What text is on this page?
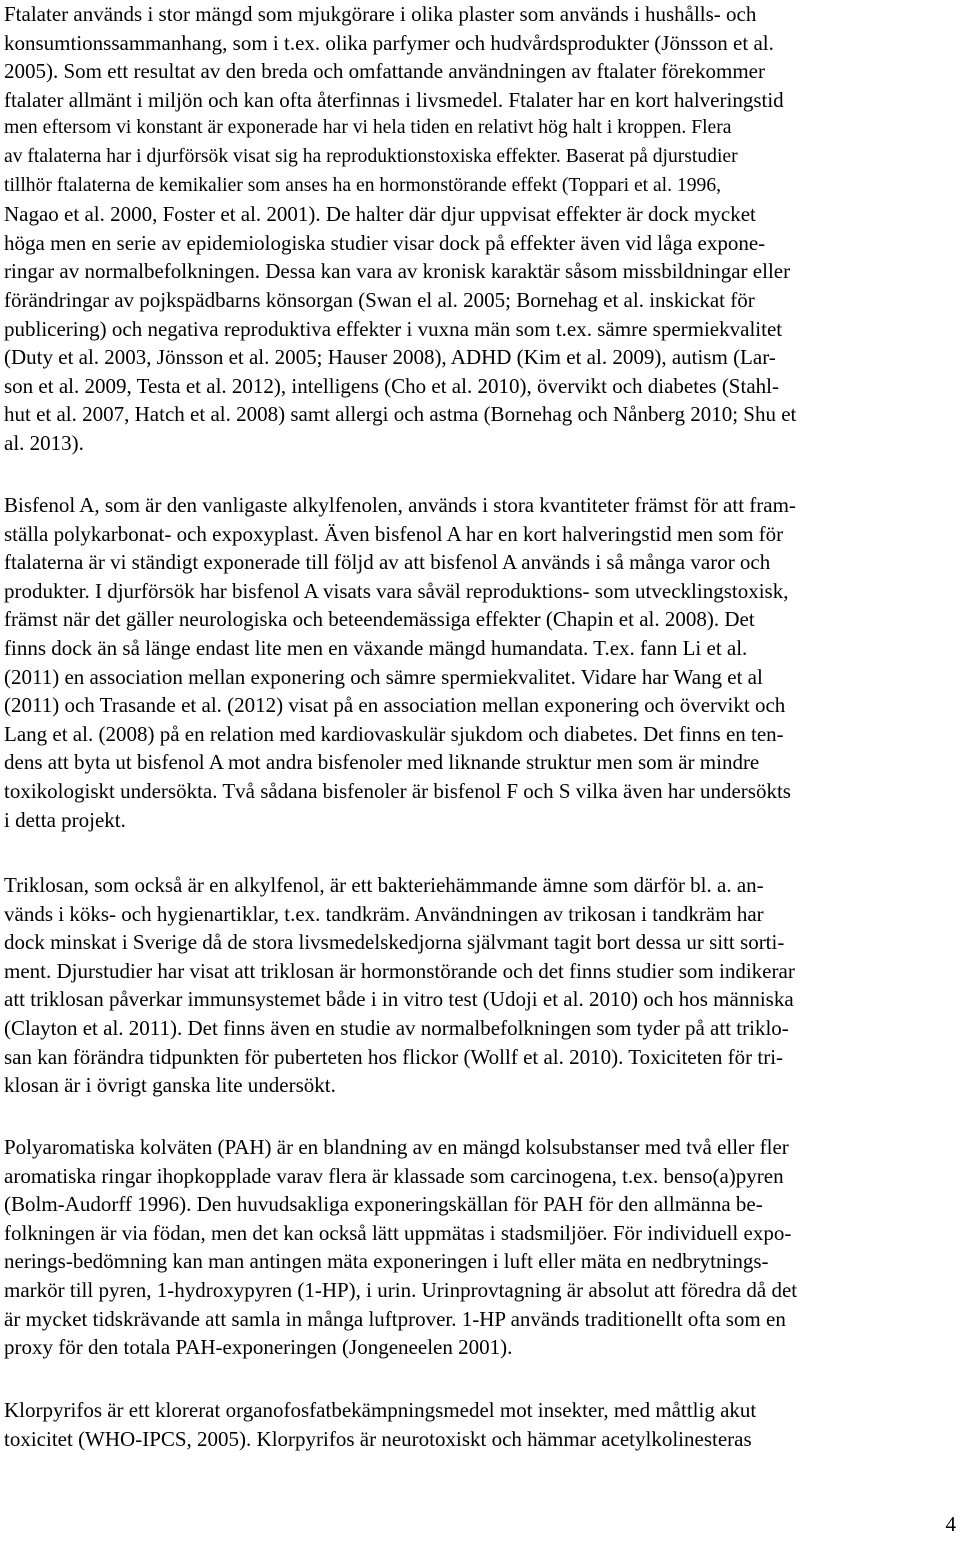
Ftalater används i stor mängd som mjukgörare i olika plaster som används i hushålls- och
konsumtionssammanhang, som i t.ex. olika parfymer och hudvårdsprodukter (Jönsson et al.
2005). Som ett resultat av den breda och omfattande användningen av ftalater förekommer
ftalater allmänt i miljön och kan ofta återfinnas i livsmedel. Ftalater har en kort halveringstid
men eftersom vi konstant är exponerade har vi hela tiden en relativt hög halt i kroppen. Flera
av ftalaterna har i djurförsök visat sig ha reproduktionstoxiska effekter. Baserat på djurstudier
tillhör ftalaterna de kemikalier som anses ha en hormonstörande effekt (Toppari et al. 1996,
Nagao et al. 2000, Foster et al. 2001). De halter där djur uppvisat effekter är dock mycket
höga men en serie av epidemiologiska studier visar dock på effekter även vid låga expone-
ringar av normalbefolkningen. Dessa kan vara av kronisk karaktär såsom missbildningar eller
förändringar av pojkspädbarns könsorgan (Swan el al. 2005; Bornehag et al. inskickat för
publicering) och negativa reproduktiva effekter i vuxna män som t.ex. sämre spermiekvalitet
(Duty et al. 2003, Jönsson et al. 2005; Hauser 2008), ADHD (Kim et al. 2009), autism (Lar-
son et al. 2009, Testa et al. 2012), intelligens (Cho et al. 2010), övervikt och diabetes (Stahl-
hut et al. 2007, Hatch et al. 2008) samt allergi och astma (Bornehag och Nånberg 2010; Shu et
al. 2013).
Bisfenol A, som är den vanligaste alkylfenolen, används i stora kvantiteter främst för att fram-
ställa polykarbonat- och expoxyplast. Även bisfenol A har en kort halveringstid men som för
ftalaterna är vi ständigt exponerade till följd av att bisfenol A används i så många varor och
produkter. I djurförsök har bisfenol A visats vara såväl reproduktions- som utvecklingstoxisk,
främst när det gäller neurologiska och beteendemässiga effekter (Chapin et al. 2008). Det
finns dock än så länge endast lite men en växande mängd humandata. T.ex. fann Li et al.
(2011) en association mellan exponering och sämre spermiekvalitet. Vidare har Wang et al
(2011) och Trasande et al. (2012) visat på en association mellan exponering och övervikt och
Lang et al. (2008) på en relation med kardiovaskulär sjukdom och diabetes. Det finns en ten-
dens att byta ut bisfenol A mot andra bisfenoler med liknande struktur men som är mindre
toxikologiskt undersökta. Två sådana bisfenoler är bisfenol F och S vilka även har undersökts
i detta projekt.
Triklosan, som också är en alkylfenol, är ett bakteriehämmande ämne som därför bl. a. an-
vänds i köks- och hygienartiklar, t.ex. tandkräm. Användningen av trikosan i tandkräm har
dock minskat i Sverige då de stora livsmedelskedjorna självmant tagit bort dessa ur sitt sorti-
ment. Djurstudier har visat att triklosan är hormonstörande och det finns studier som indikerar
att triklosan påverkar immunsystemet både i in vitro test (Udoji et al. 2010) och hos människa
(Clayton et al. 2011). Det finns även en studie av normalbefolkningen som tyder på att triklo-
san kan förändra tidpunkten för puberteten hos flickor (Wollf et al. 2010). Toxiciteten för tri-
klosan är i övrigt ganska lite undersökt.
Polyaromatiska kolväten (PAH) är en blandning av en mängd kolsubstanser med två eller fler
aromatiska ringar ihopkopplade varav flera är klassade som carcinogena, t.ex. benso(a)pyren
(Bolm-Audorff 1996). Den huvudsakliga exponeringskällan för PAH för den allmänna be-
folkningen är via födan, men det kan också lätt uppmätas i stadsmiljöer. För individuell expo-
nerings-bedömning kan man antingen mäta exponeringen i luft eller mäta en nedbrytnings-
markör till pyren, 1-hydroxypyren (1-HP), i urin. Urinprovtagning är absolut att föredra då det
är mycket tidskrävande att samla in många luftprover. 1-HP används traditionellt ofta som en
proxy för den totala PAH-exponeringen (Jongeneelen 2001).
Klorpyrifos är ett klorerat organofosfatbekämpningsmedel mot insekter, med måttlig akut
toxicitet (WHO-IPCS, 2005). Klorpyrifos är neurotoxiskt och hämmar acetylkolinesteras
4
